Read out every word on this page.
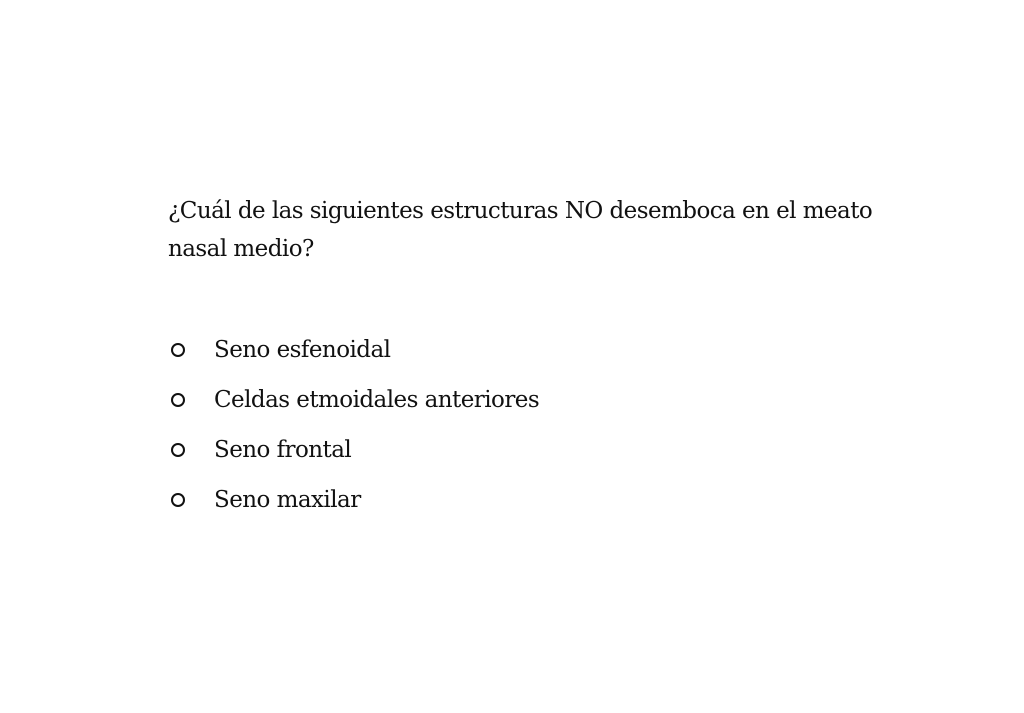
¿Cuál de las siguientes estructuras NO desemboca en el meato nasal medio?

Seno esfenoidal
Celdas etmoidales anteriores
Seno frontal
Seno maxilar
